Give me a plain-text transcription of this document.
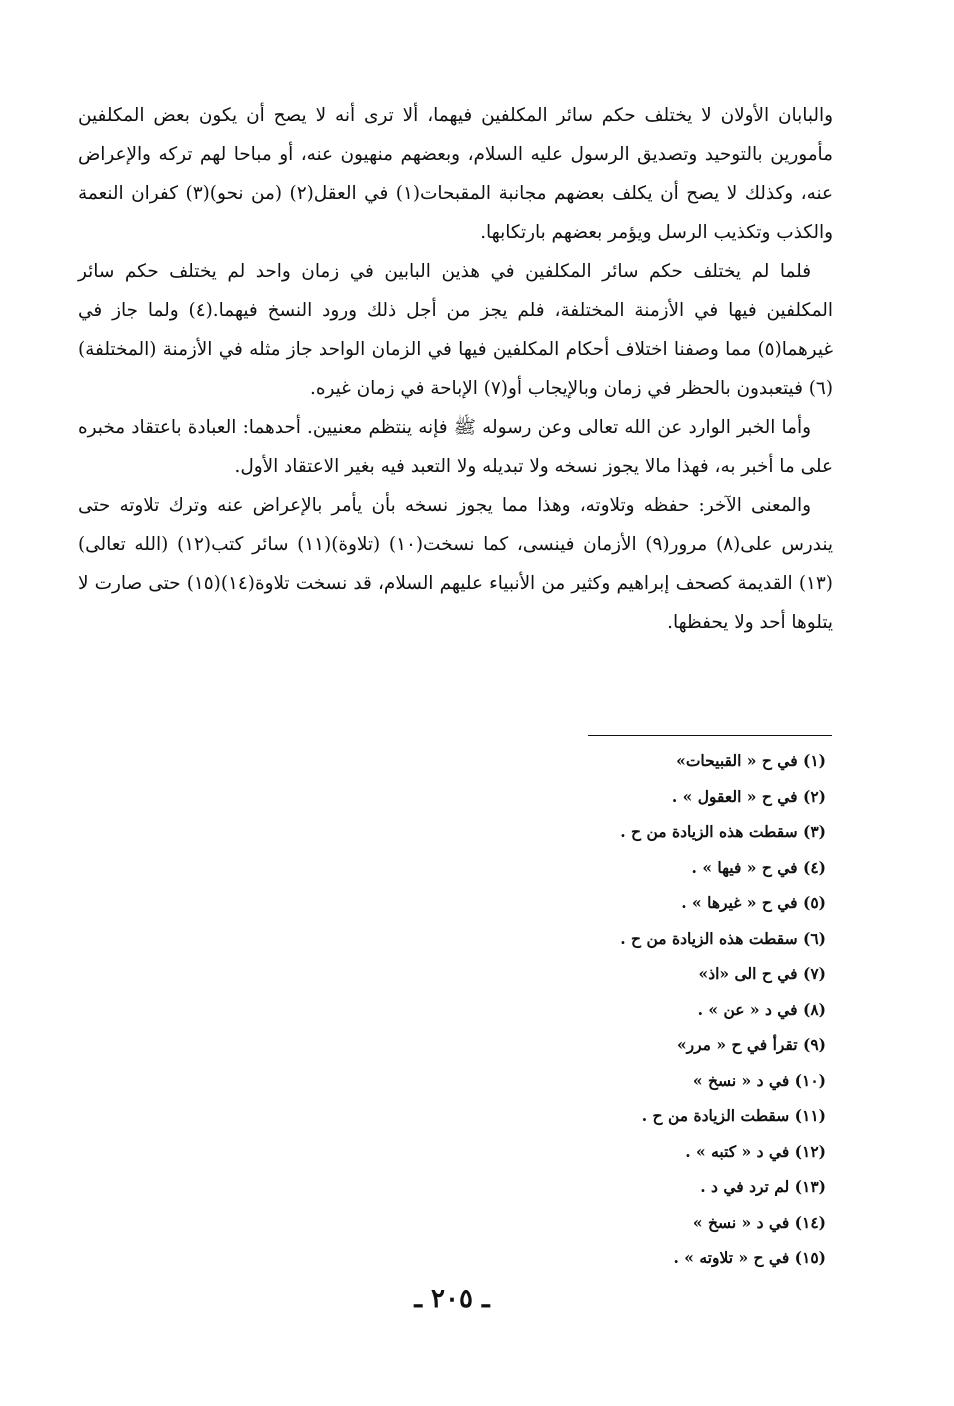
والبابان الأولان لا يختلف حكم سائر المكلفين فيهما، ألا ترى أنه لا يصح أن يكون بعض المكلفين مأمورين بالتوحيد وتصديق الرسول عليه السلام، وبعضهم منهيون عنه، أو مباحا لهم تركه والإعراض عنه، وكذلك لا يصح أن يكلف بعضهم مجانبة المقبحات(١) في العقل(٢) (من نحو)(٣) كفران النعمة والكذب وتكذيب الرسل ويؤمر بعضهم بارتكابها.

فلما لم يختلف حكم سائر المكلفين في هذين البابين في زمان واحد لم يختلف حكم سائر المكلفين فيها في الأزمنة المختلفة، فلم يجز من أجل ذلك ورود النسخ فيهما.(٤) ولما جاز في غيرهما(٥) مما وصفنا اختلاف أحكام المكلفين فيها في الزمان الواحد جاز مثله في الأزمنة (المختلفة)(٦) فيتعبدون بالحظر في زمان وبالإيجاب أو(٧) الإباحة في زمان غيره.

وأما الخبر الوارد عن الله تعالى وعن رسوله ﷺ فإنه ينتظم معنيين. أحدهما: العبادة باعتقاد مخبره على ما أخبر به، فهذا مالا يجوز نسخه ولا تبديله ولا التعبد فيه بغير الاعتقاد الأول.

والمعنى الآخر: حفظه وتلاوته، وهذا مما يجوز نسخه بأن يأمر بالإعراض عنه وترك تلاوته حتى يندرس على(٨) مرور(٩) الأزمان فينسى، كما نسخت(١٠) (تلاوة)(١١) سائر كتب(١٢) (الله تعالى)(١٣) القديمة كصحف إبراهيم وكثير من الأنبياء عليهم السلام، قد نسخت تلاوة(١٤)(١٥) حتى صارت لا يتلوها أحد ولا يحفظها.

(١) في ح « القبيحات»
(٢) في ح « العقول » .
(٣) سقطت هذه الزيادة من ح .
(٤) في ح « فيها » .
(٥) في ح « غيرها » .
(٦) سقطت هذه الزيادة من ح .
(٧) في ح الى «اذ»
(٨) في د « عن » .
(٩) تقرأ في ح « مرر»
(١٠) في د « نسخ »
(١١) سقطت الزيادة من ح .
(١٢) في د « كتبه » .
(١٣) لم ترد في د .
(١٤) في د « نسخ »
(١٥) في ح « تلاوته » .
ـ ٢٠٥ ـ
